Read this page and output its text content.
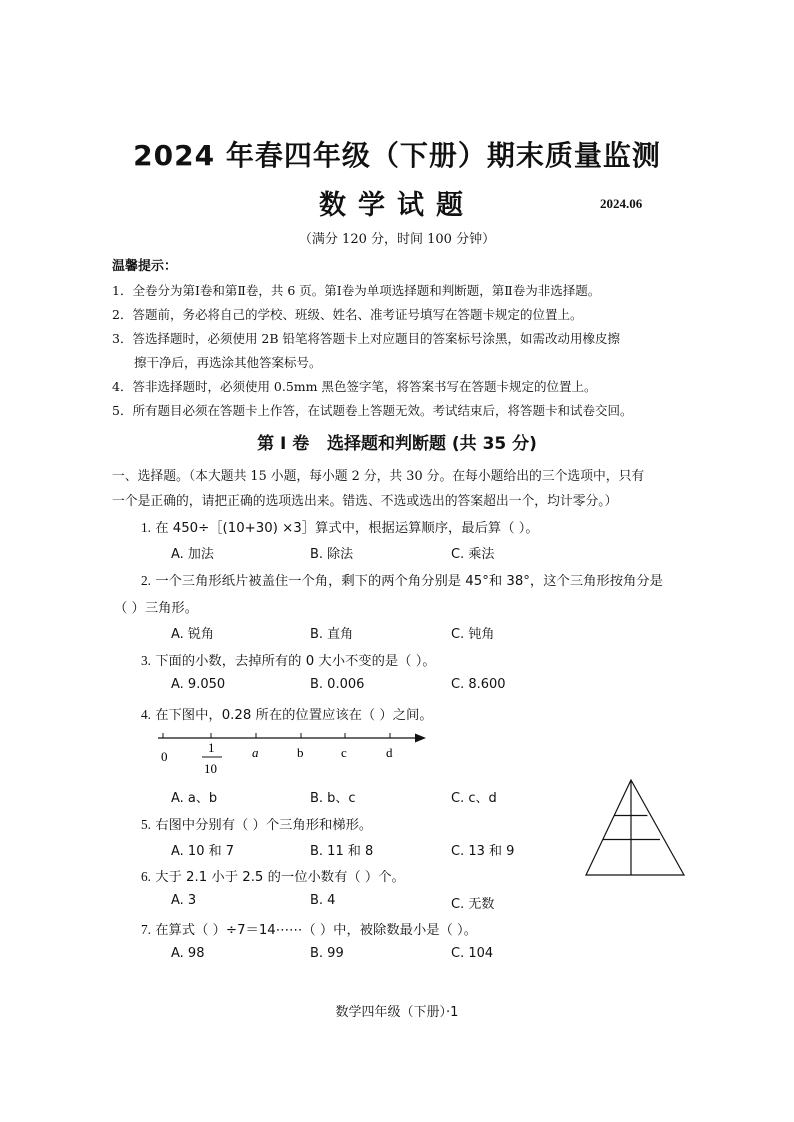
2024 年春四年级（下册）期末质量监测
数学试题	2024.06
（满分 120 分，时间 100 分钟）
温馨提示：
1．全卷分为第Ⅰ卷和第Ⅱ卷，共 6 页。第Ⅰ卷为单项选择题和判断题，第Ⅱ卷为非选择题。
2．答题前，务必将自己的学校、班级、姓名、准考证号填写在答题卡规定的位置上。
3．答选择题时，必须使用 2B 铅笔将答题卡上对应题目的答案标号涂黑，如需改动用橡皮擦
擦干净后，再选涂其他答案标号。
4．答非选择题时，必须使用 0.5mm 黑色签字笔，将答案书写在答题卡规定的位置上。
5．所有题目必须在答题卡上作答，在试题卷上答题无效。考试结束后，将答题卡和试卷交回。
第 I 卷   选择题和判断题 (共 35 分)
一、选择题。（本大题共 15 小题，每小题 2 分，共 30 分。在每小题给出的三个选项中，只有
一个是正确的，请把正确的选项选出来。错选、不选或选出的答案超出一个，均计零分。）
1. 在 450÷［(10+30) ×3］算式中，根据运算顺序，最后算（ ）。
A. 加法	B. 除法	C. 乘法
2. 一个三角形纸片被盖住一个角，剩下的两个角分别是 45°和 38°，这个三角形按角分是
（ ）三角形。
A. 锐角	B. 直角	C. 钝角
3. 下面的小数，去掉所有的 0 大小不变的是（ ）。
A. 9.050	B. 0.006	C. 8.600
4. 在下图中，0.28 所在的位置应该在（ ）之间。
0
1
10
a	b	c	d
A. a、b	B. b、c	C. c、d
5. 右图中分别有（ ）个三角形和梯形。
A. 10 和 7	B. 11 和 8	C. 13 和 9
6. 大于 2.1 小于 2.5 的一位小数有（ ）个。
A. 3	B. 4	C. 无数
7. 在算式（ ）÷7＝14⋯⋯（ ）中，被除数最小是（ ）。
A. 98	B. 99	C. 104
数学四年级（下册）·1
